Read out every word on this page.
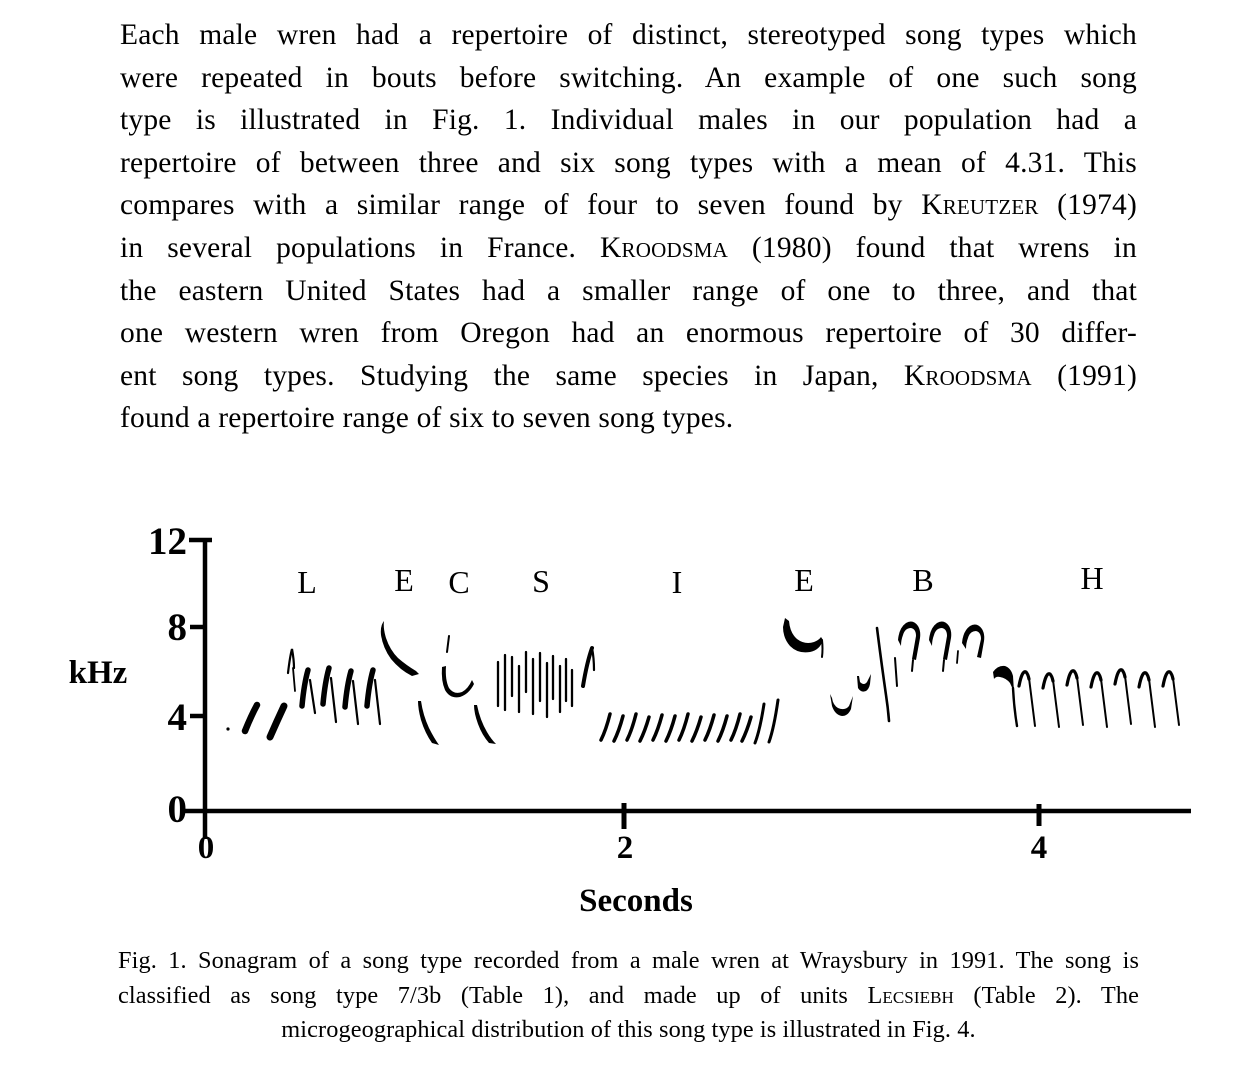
Each male wren had a repertoire of distinct, stereotyped song types which
were repeated in bouts before switching. An example of one such song
type is illustrated in Fig. 1. Individual males in our population had a
repertoire of between three and six song types with a mean of 4.31. This
compares with a similar range of four to seven found by Kreutzer (1974)
in several populations in France. Kroodsma (1980) found that wrens in
the eastern United States had a smaller range of one to three, and that
one western wren from Oregon had an enormous repertoire of 30 differ-
ent song types. Studying the same species in Japan, Kroodsma (1991)
found a repertoire range of six to seven song types.
12
8
4
0
kHz
0	2	4
Seconds
L E C S	I	E	B	H
Fig. 1. Sonagram of a song type recorded from a male wren at Wraysbury in 1991. The song is
classified as song type 7/3b (Table 1), and made up of units Lecsiebh (Table 2). The
microgeographical distribution of this song type is illustrated in Fig. 4.
